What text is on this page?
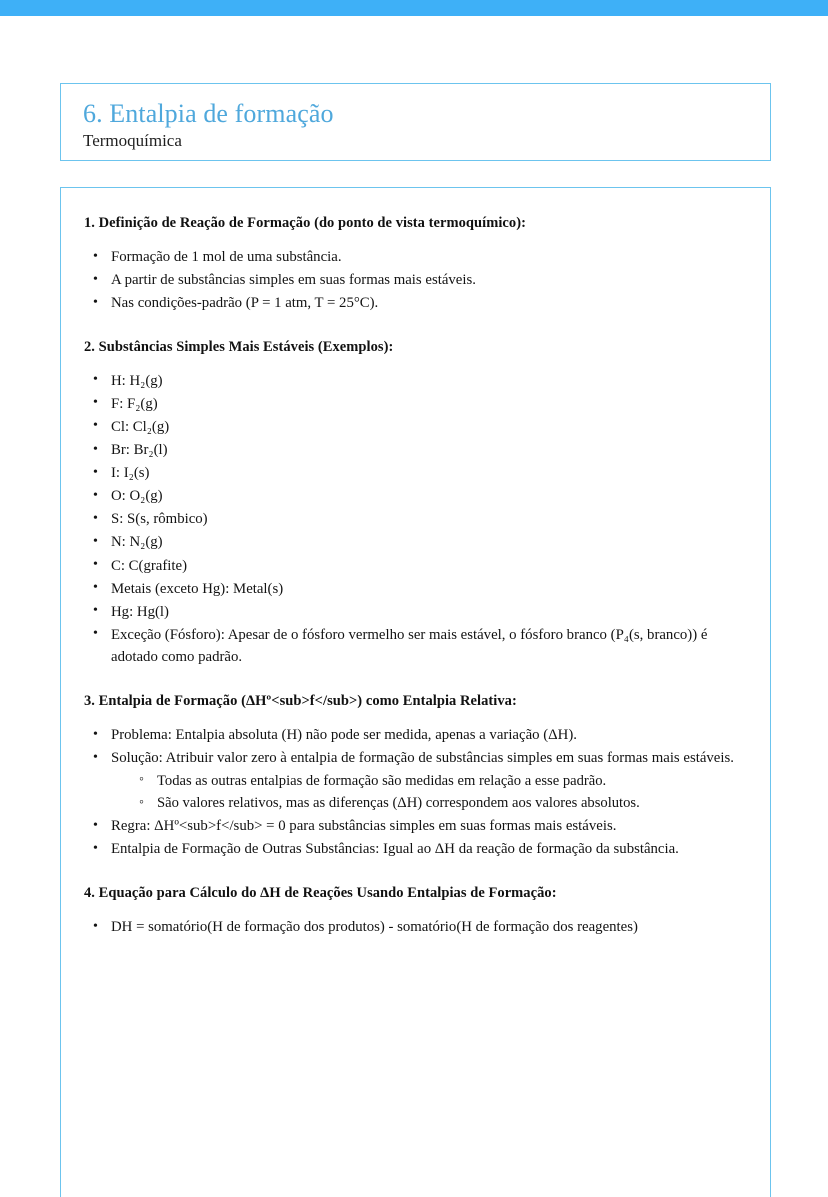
6. Entalpia de formação
Termoquímica
1. Definição de Reação de Formação (do ponto de vista termoquímico):
• Formação de 1 mol de uma substância.
• A partir de substâncias simples em suas formas mais estáveis.
• Nas condições-padrão (P = 1 atm, T = 25°C).
2. Substâncias Simples Mais Estáveis (Exemplos):
• H: H₂(g)
• F: F₂(g)
• Cl: Cl₂(g)
• Br: Br₂(l)
• I: I₂(s)
• O: O₂(g)
• S: S(s, rômbico)
• N: N₂(g)
• C: C(grafite)
• Metais (exceto Hg): Metal(s)
• Hg: Hg(l)
• Exceção (Fósforo): Apesar de o fósforo vermelho ser mais estável, o fósforo branco (P₄(s, branco)) é adotado como padrão.
3. Entalpia de Formação (ΔHº<sub>f</sub>) como Entalpia Relativa:
• Problema: Entalpia absoluta (H) não pode ser medida, apenas a variação (ΔH).
• Solução: Atribuir valor zero à entalpia de formação de substâncias simples em suas formas mais estáveis.
◦ Todas as outras entalpias de formação são medidas em relação a esse padrão.
◦ São valores relativos, mas as diferenças (ΔH) correspondem aos valores absolutos.
• Regra: ΔHº<sub>f</sub> = 0 para substâncias simples em suas formas mais estáveis.
• Entalpia de Formação de Outras Substâncias: Igual ao ΔH da reação de formação da substância.
4. Equação para Cálculo do ΔH de Reações Usando Entalpias de Formação:
• DH = somatório(H de formação dos produtos) - somatório(H de formação dos reagentes)
